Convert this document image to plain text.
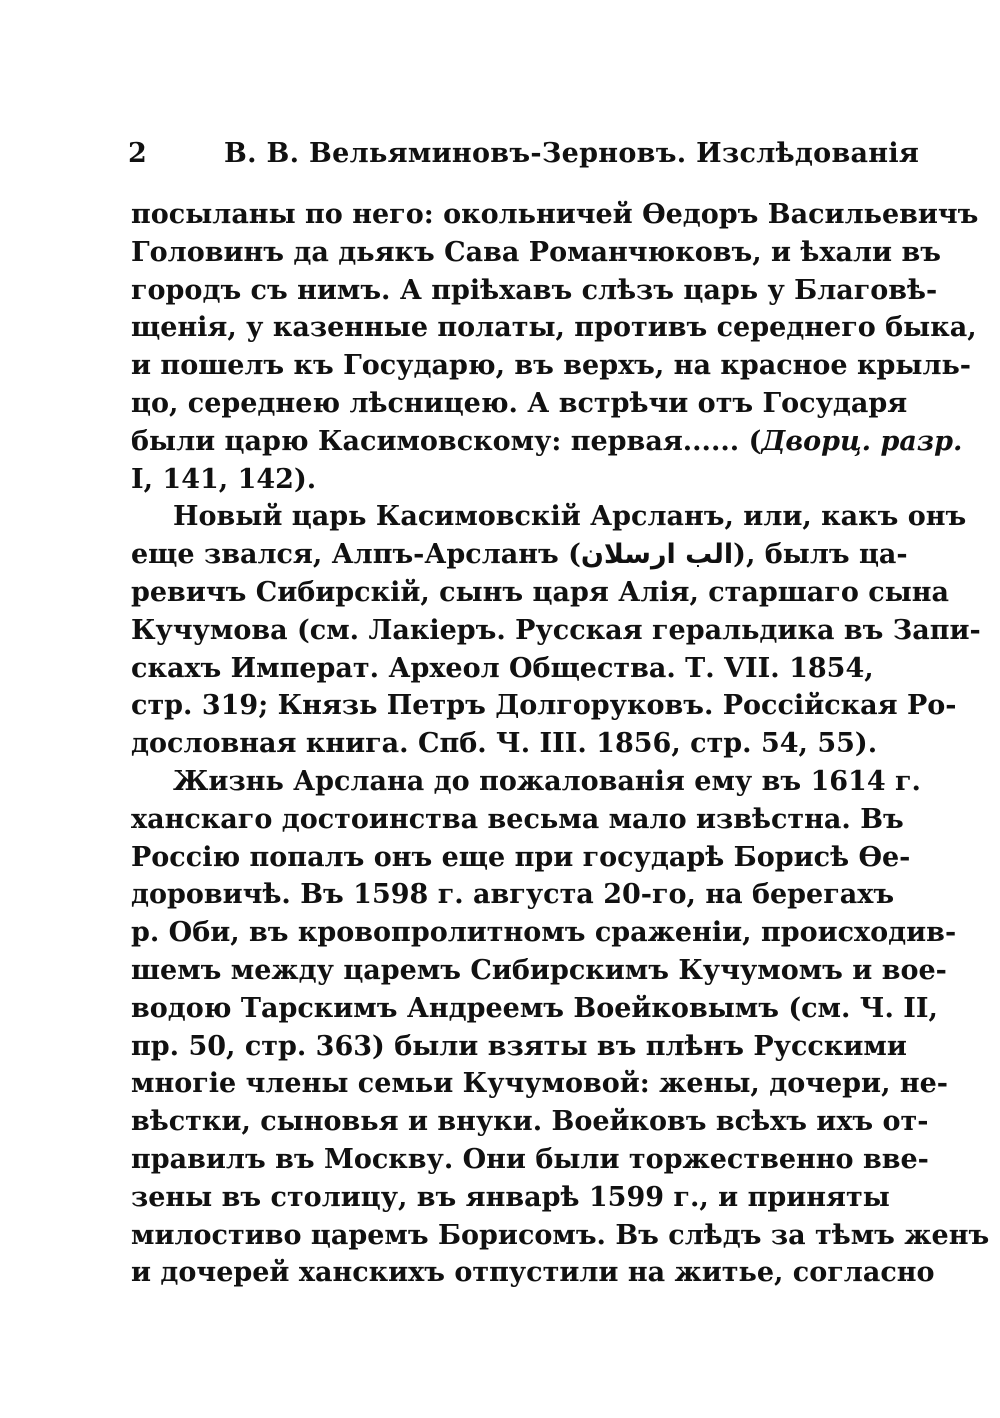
2	В. В. Вельяминовъ-Зерновъ. Изслѣдованія
посыланы по него: окольничей Ѳедоръ Васильевичъ
Головинъ да дьякъ Сава Романчюковъ, и ѣхали въ
городъ съ нимъ. А пріѣхавъ слѣзъ царь у Благовѣ-
щенія, у казенные полаты, противъ середнего быка,
и пошелъ къ Государю, въ верхъ, на красное крыль-
цо, середнею лѣсницею. А встрѣчи отъ Государя
были царю Касимовскому: первая...... (Дворц. разр.
I, 141, 142).
Новый царь Касимовскій Арсланъ, или, какъ онъ
еще звался, Алпъ-Арсланъ (الب ارسلان), былъ ца-
ревичъ Сибирскій, сынъ царя Алія, старшаго сына
Кучумова (см. Лакіеръ. Русская геральдика въ Запи-
скахъ Императ. Археол Общества. Т. VII. 1854,
стр. 319; Князь Петръ Долгоруковъ. Россійская Ро-
дословная книга. Спб. Ч. III. 1856, стр. 54, 55).
Жизнь Арслана до пожалованія ему въ 1614 г.
ханскаго достоинства весьма мало извѣстна. Въ
Россію попалъ онъ еще при государѣ Борисѣ Ѳе-
доровичѣ. Въ 1598 г. августа 20-го, на берегахъ
р. Оби, въ кровопролитномъ сраженіи, происходив-
шемъ между царемъ Сибирскимъ Кучумомъ и вое-
водою Тарскимъ Андреемъ Воейковымъ (см. Ч. II,
пр. 50, стр. 363) были взяты въ плѣнъ Русскими
многіе члены семьи Кучумовой: жены, дочери, не-
вѣстки, сыновья и внуки. Воейковъ всѣхъ ихъ от-
правилъ въ Москву. Они были торжественно вве-
зены въ столицу, въ январѣ 1599 г., и приняты
милостиво царемъ Борисомъ. Въ слѣдъ за тѣмъ женъ
и дочерей ханскихъ отпустили на житье, согласно
